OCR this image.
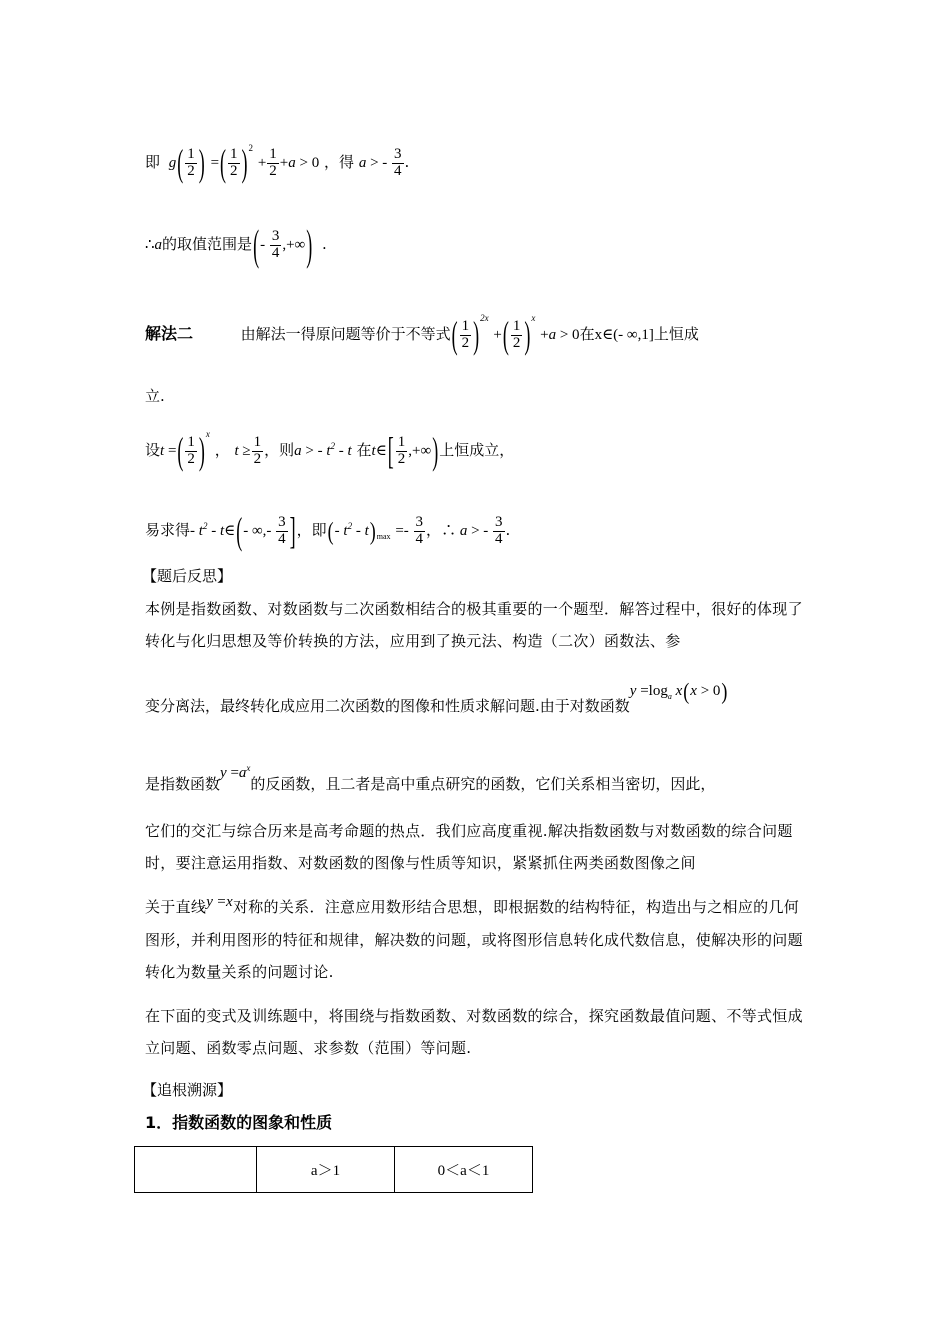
即 $g( \frac{1}{2}$ ) =( $\frac{1}{2} )^2 + \frac{1}{2} +a > 0$ ，得 a > - $\frac{3}{4}$ .
∴a的取值范围是(- $\frac{3}{4}$ ,+∞) .
解法二	由解法一得原问题等价于不等式( $\frac{1}{2} )^{2x}$ +( $\frac{1}{2} )^x +a > 0$在x∈(- ∞,1]上恒成
立.
设t =( $\frac{1}{2} )^x$ ， $t \ge \frac{1}{2}$ ，则a > - $t^2$ - t 在t∈[ $\frac{1}{2}$ ,+∞)上恒成立，
易求得- $t^2$ - t∈(- ∞,- $\frac{3}{4}$ ]，即(- $t^2 - t)_{max} =- \frac{3}{4}$ ，∴ a > - $\frac{3}{4}$ .
【题后反思】
本例是指数函数、对数函数与二次函数相结合的极其重要的一个题型．解答过程中，很好的体现了转化与化归思想及等价转换的方法，应用到了换元法、构造（二次）函数法、参
变分离法，最终转化成应用二次函数的图像和性质求解问题.由于对数函数$y =\log_a$ x(x > 0)
是指数函数$y =a^x$的反函数，且二者是高中重点研究的函数，它们关系相当密切，因此，
它们的交汇与综合历来是高考命题的热点．我们应高度重视.解决指数函数与对数函数的综合问题时，要注意运用指数、对数函数的图像与性质等知识，紧紧抓住两类函数图像之间
关于直线y =x对称的关系．注意应用数形结合思想，即根据数的结构特征，构造出与之相应的几何图形，并利用图形的特征和规律，解决数的问题，或将图形信息转化成代数信息，使解决形的问题转化为数量关系的问题讨论.
在下面的变式及训练题中，将围绕与指数函数、对数函数的综合，探究函数最值问题、不等式恒成立问题、函数零点问题、求参数（范围）等问题.
【追根溯源】
1．指数函数的图象和性质
	a＞1	0＜a＜1
